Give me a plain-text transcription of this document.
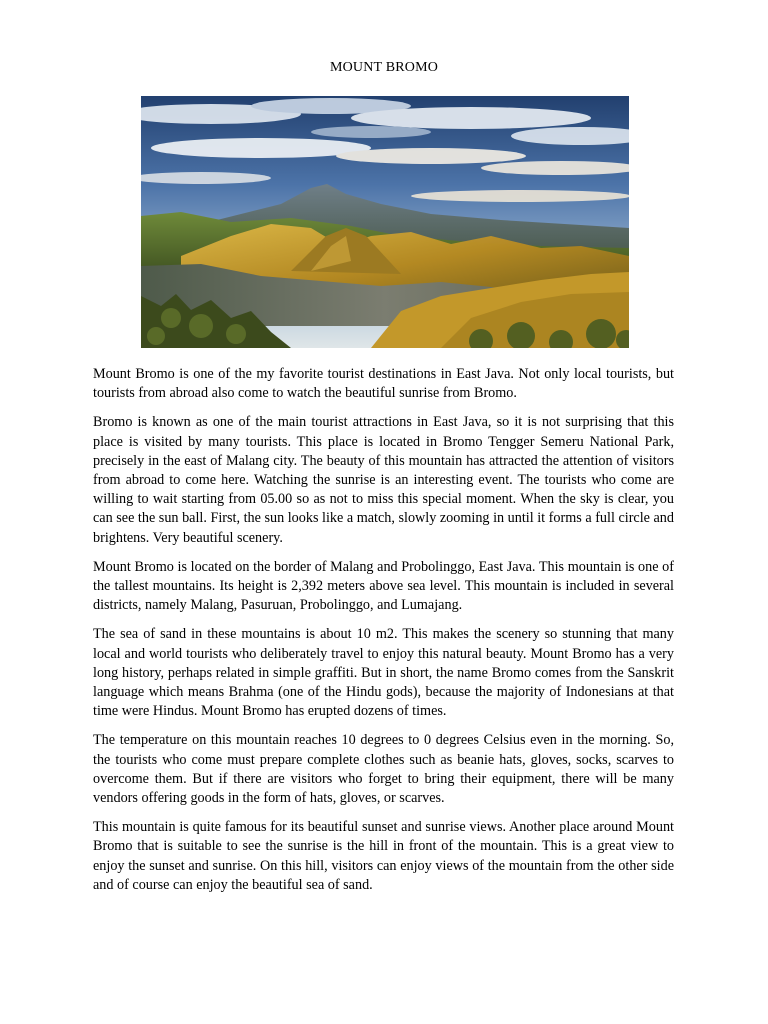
MOUNT BROMO

Mount Bromo is one of the my favorite tourist destinations in East Java. Not only local tourists, but tourists from abroad also come to watch the beautiful sunrise from Bromo.

Bromo is known as one of the main tourist attractions in East Java, so it is not surprising that this place is visited by many tourists. This place is located in Bromo Tengger Semeru National Park, precisely in the east of Malang city. The beauty of this mountain has attracted the attention of visitors from abroad to come here. Watching the sunrise is an interesting event. The tourists who come are willing to wait starting from 05.00 so as not to miss this special moment. When the sky is clear, you can see the sun ball. First, the sun looks like a match, slowly zooming in until it forms a full circle and brightens. Very beautiful scenery.

Mount Bromo is located on the border of Malang and Probolinggo, East Java. This mountain is one of the tallest mountains. Its height is 2,392 meters above sea level. This mountain is included in several districts, namely Malang, Pasuruan, Probolinggo, and Lumajang.

The sea of sand in these mountains is about 10 m2. This makes the scenery so stunning that many local and world tourists who deliberately travel to enjoy this natural beauty. Mount Bromo has a very long history, perhaps related in simple graffiti. But in short, the name Bromo comes from the Sanskrit language which means Brahma (one of the Hindu gods), because the majority of Indonesians at that time were Hindus. Mount Bromo has erupted dozens of times.

The temperature on this mountain reaches 10 degrees to 0 degrees Celsius even in the morning. So, the tourists who come must prepare complete clothes such as beanie hats, gloves, socks, scarves to overcome them. But if there are visitors who forget to bring their equipment, there will be many vendors offering goods in the form of hats, gloves, or scarves.

This mountain is quite famous for its beautiful sunset and sunrise views. Another place around Mount Bromo that is suitable to see the sunrise is the hill in front of the mountain. This is a great view to enjoy the sunset and sunrise. On this hill, visitors can enjoy views of the mountain from the other side and of course can enjoy the beautiful sea of sand.
